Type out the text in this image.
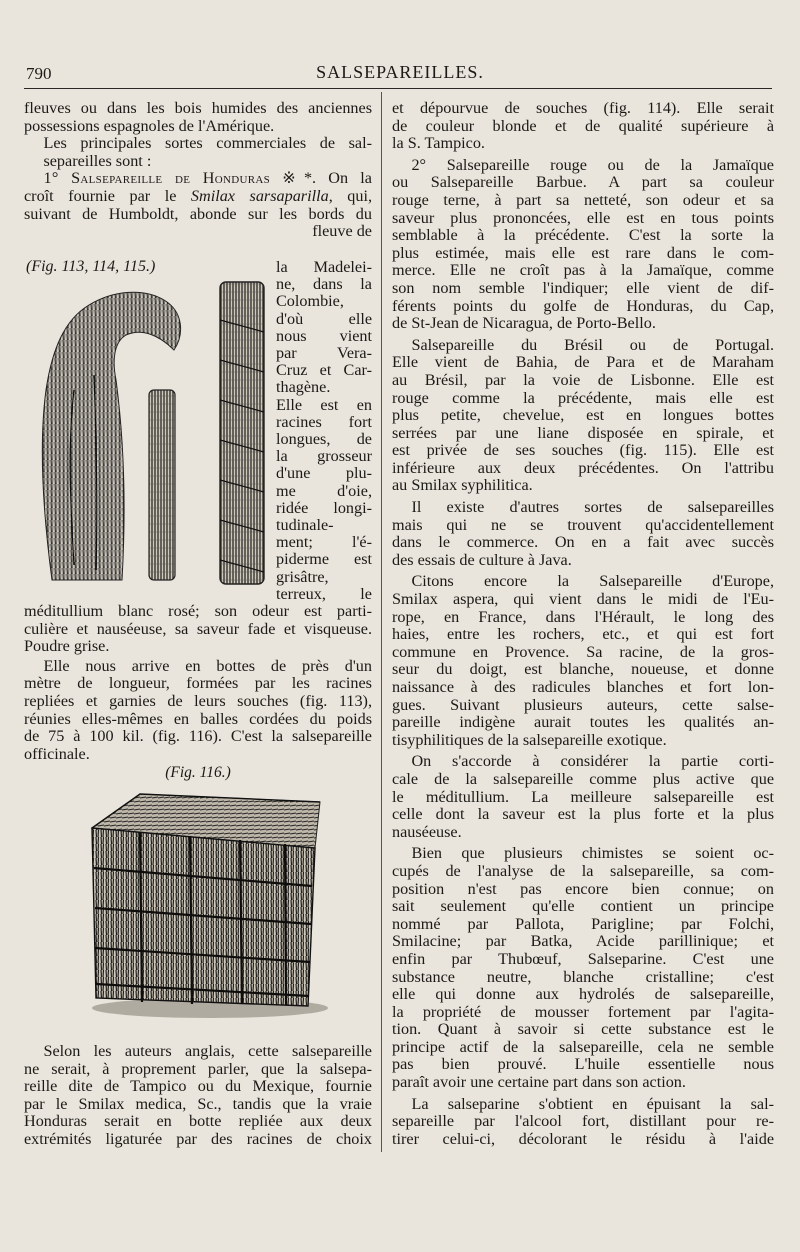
790	SALSEPAREILLES.
fleuves ou dans les bois humides des anciennes
possessions espagnoles de l'Amérique.
Les principales sortes commerciales de sal-
separeilles sont :
1° Salsepareille de Honduras ※*. On la
croît fournie par le Smilax sarsaparilla, qui,
suivant de Humboldt, abonde sur les bords du
fleuve de
(Fig. 113, 114, 115.)	la Madelei-
ne, dans la
Colombie,
d'où elle
nous vient
par Vera-
Cruz et Car-
thagène.
Elle est en
racines fort
longues, de
la grosseur
d'une plu-
me d'oie,
ridée longi-
tudinale-
ment; l'é-
piderme est
grisâtre,
terreux, le
méditullium blanc rosé; son odeur est parti-
culière et nauséeuse, sa saveur fade et visqueuse.
Poudre grise.
Elle nous arrive en bottes de près d'un
mètre de longueur, formées par les racines
repliées et garnies de leurs souches (fig. 113),
réunies elles-mêmes en balles cordées du poids
de 75 à 100 kil. (fig. 116). C'est la salsepareille
officinale.
(Fig. 116.)
Selon les auteurs anglais, cette salsepareille
ne serait, à proprement parler, que la salsepa-
reille dite de Tampico ou du Mexique, fournie
par le Smilax medica, Sc., tandis que la vraie
Honduras serait en botte repliée aux deux
extrémités ligaturée par des racines de choix
et dépourvue de souches (fig. 114). Elle serait
de couleur blonde et de qualité supérieure à
la S. Tampico.
2° Salsepareille rouge ou de la Jamaïque
ou Salsepareille Barbue. A part sa couleur
rouge terne, à part sa netteté, son odeur et sa
saveur plus prononcées, elle est en tous points
semblable à la précédente. C'est la sorte la
plus estimée, mais elle est rare dans le com-
merce. Elle ne croît pas à la Jamaïque, comme
son nom semble l'indiquer; elle vient de dif-
férents points du golfe de Honduras, du Cap,
de St-Jean de Nicaragua, de Porto-Bello.
Salsepareille du Brésil ou de Portugal.
Elle vient de Bahia, de Para et de Maraham
au Brésil, par la voie de Lisbonne. Elle est
rouge comme la précédente, mais elle est
plus petite, chevelue, est en longues bottes
serrées par une liane disposée en spirale, et
est privée de ses souches (fig. 115). Elle est
inférieure aux deux précédentes. On l'attribu
au Smilax syphilitica.
Il existe d'autres sortes de salsepareilles
mais qui ne se trouvent qu'accidentellement
dans le commerce. On en a fait avec succès
des essais de culture à Java.
Citons encore la Salsepareille d'Europe,
Smilax aspera, qui vient dans le midi de l'Eu-
rope, en France, dans l'Hérault, le long des
haies, entre les rochers, etc., et qui est fort
commune en Provence. Sa racine, de la gros-
seur du doigt, est blanche, noueuse, et donne
naissance à des radicules blanches et fort lon-
gues. Suivant plusieurs auteurs, cette salse-
pareille indigène aurait toutes les qualités an-
tisyphilitiques de la salsepareille exotique.
On s'accorde à considérer la partie corti-
cale de la salsepareille comme plus active que
le méditullium. La meilleure salsepareille est
celle dont la saveur est la plus forte et la plus
nauséeuse.
Bien que plusieurs chimistes se soient oc-
cupés de l'analyse de la salsepareille, sa com-
position n'est pas encore bien connue; on
sait seulement qu'elle contient un principe
nommé par Pallota, Parigline; par Folchi,
Smilacine; par Batka, Acide parillinique; et
enfin par Thubœuf, Salseparine. C'est une
substance neutre, blanche cristalline; c'est
elle qui donne aux hydrolés de salsepareille,
la propriété de mousser fortement par l'agita-
tion. Quant à savoir si cette substance est le
principe actif de la salsepareille, cela ne semble
pas bien prouvé. L'huile essentielle nous
paraît avoir une certaine part dans son action.
La salseparine s'obtient en épuisant la sal-
separeille par l'alcool fort, distillant pour re-
tirer celui-ci, décolorant le résidu à l'aide
